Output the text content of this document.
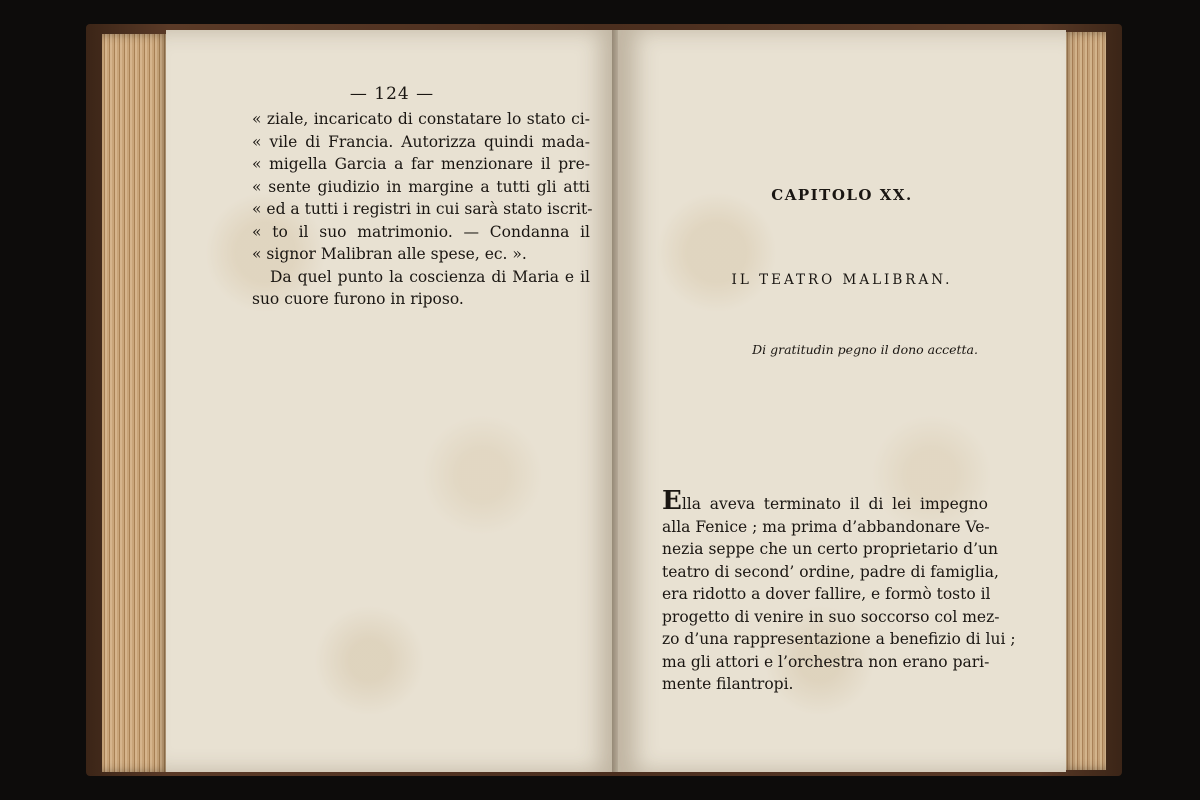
— 124 —
« ziale, incaricato di constatare lo stato ci-
« vile di Francia. Autorizza quindi mada-
« migella Garcia a far menzionare il pre-
« sente giudizio in margine a tutti gli atti
« ed a tutti i registri in cui sarà stato iscrit-
« to il suo matrimonio. — Condanna il
« signor Malibran alle spese, ec. ».
Da quel punto la coscienza di Maria e il
suo cuore furono in riposo.
CAPITOLO XX.
IL TEATRO MALIBRAN.
Di gratitudin pegno il dono accetta.
Ella aveva terminato il di lei impegno
alla Fenice ; ma prima d’abbandonare Ve-
nezia seppe che un certo proprietario d’un
teatro di second’ ordine, padre di famiglia,
era ridotto a dover fallire, e formò tosto il
progetto di venire in suo soccorso col mez-
zo d’una rappresentazione a benefizio di lui ;
ma gli attori e l’orchestra non erano pari-
mente filantropi.
